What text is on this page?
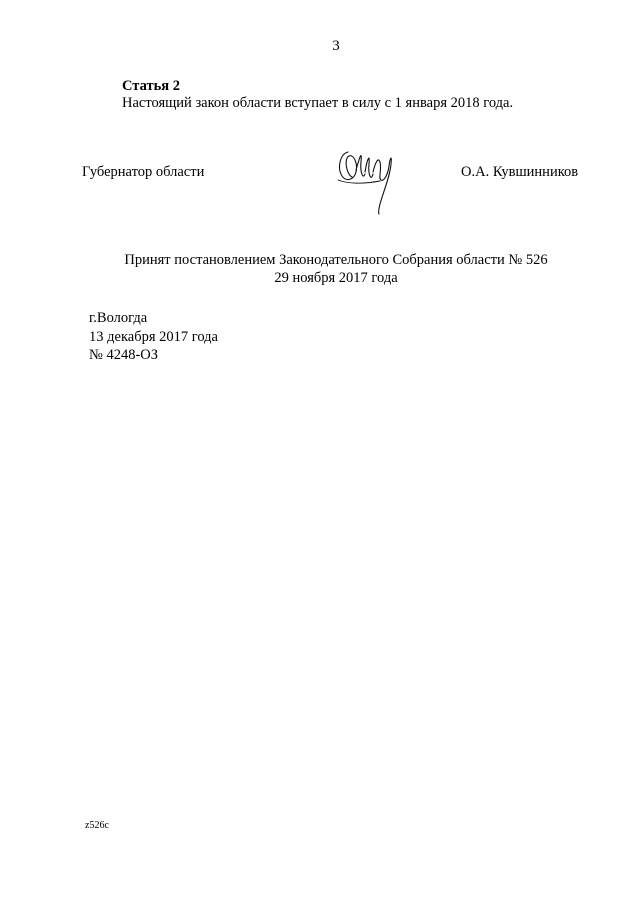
3
Статья 2
Настоящий закон области вступает в силу с 1 января 2018 года.
Губернатор области	О.А. Кувшинников
Принят постановлением Законодательного Собрания области № 526
29 ноября 2017 года
г.Вологда
13 декабря 2017 года
№ 4248-ОЗ
z526c
